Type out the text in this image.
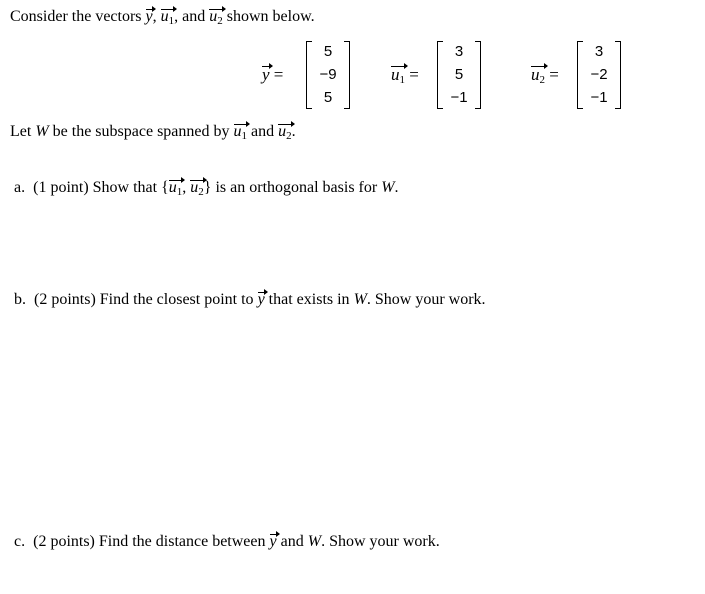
Consider the vectors y, $u_1$, and $u_2$ shown below.
y =
5
−9
5
$u_1$ =
3
5
−1
$u_2$ =
3
−2
−1
Let W be the subspace spanned by $u_1$ and $u_2$.
a. (1 point) Show that {$u_1$, $u_2$} is an orthogonal basis for W.
b. (2 points) Find the closest point to y that exists in W. Show your work.
c. (2 points) Find the distance between y and W. Show your work.
